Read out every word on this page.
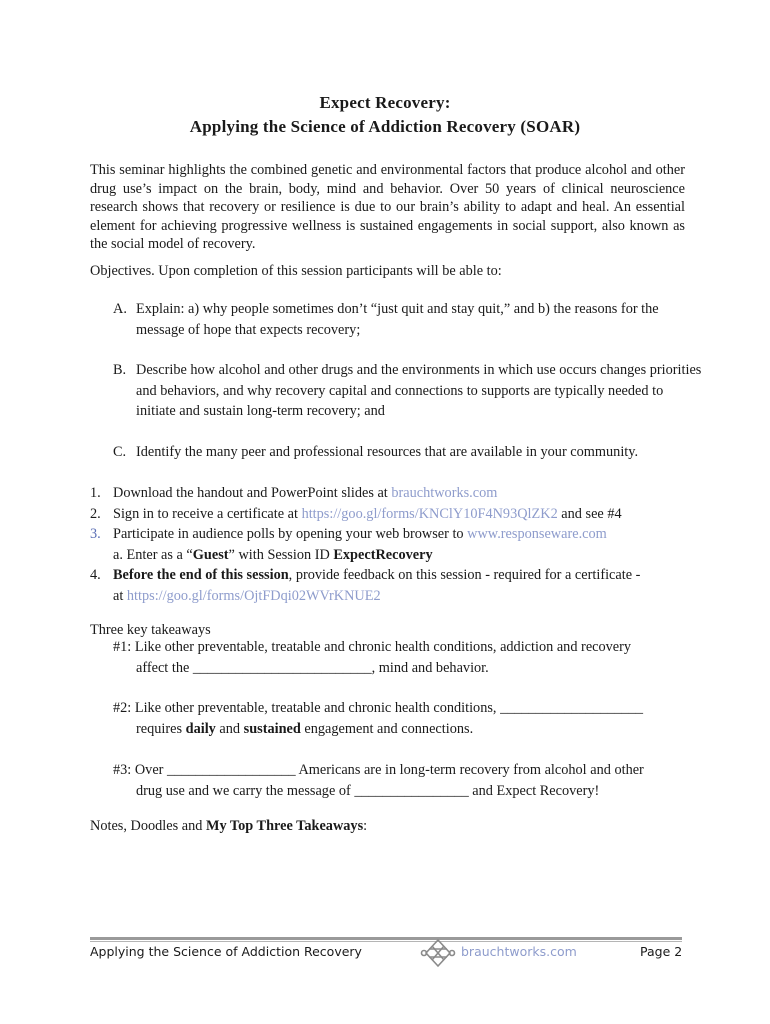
Expect Recovery:
Applying the Science of Addiction Recovery (SOAR)

This seminar highlights the combined genetic and environmental factors that produce alcohol and other drug use’s impact on the brain, body, mind and behavior. Over 50 years of clinical neuroscience research shows that recovery or resilience is due to our brain’s ability to adapt and heal. An essential element for achieving progressive wellness is sustained engagements in social support, also known as the social model of recovery.

Objectives. Upon completion of this session participants will be able to:

A. Explain: a) why people sometimes don’t “just quit and stay quit,” and b) the reasons for the message of hope that expects recovery;
B. Describe how alcohol and other drugs and the environments in which use occurs changes priorities and behaviors, and why recovery capital and connections to supports are typically needed to initiate and sustain long-term recovery; and
C. Identify the many peer and professional resources that are available in your community.
1. Download the handout and PowerPoint slides at brauchtworks.com
2. Sign in to receive a certificate at https://goo.gl/forms/KNClY10F4N93QlZK2 and see #4
3. Participate in audience polls by opening your web browser to www.responseware.com
a. Enter as a “Guest” with Session ID ExpectRecovery
4. Before the end of this session, provide feedback on this session - required for a certificate -
at https://goo.gl/forms/OjtFDqi02WVrKNUE2

Three key takeaways

#1: Like other preventable, treatable and chronic health conditions, addiction and recovery
affect the _________________________, mind and behavior.
#2: Like other preventable, treatable and chronic health conditions, ____________________
requires daily and sustained engagement and connections.
#3: Over __________________ Americans are in long-term recovery from alcohol and other
drug use and we carry the message of ________________ and Expect Recovery!

Notes, Doodles and My Top Three Takeaways:

Applying the Science of Addiction Recovery	brauchtworks.com	Page 2
